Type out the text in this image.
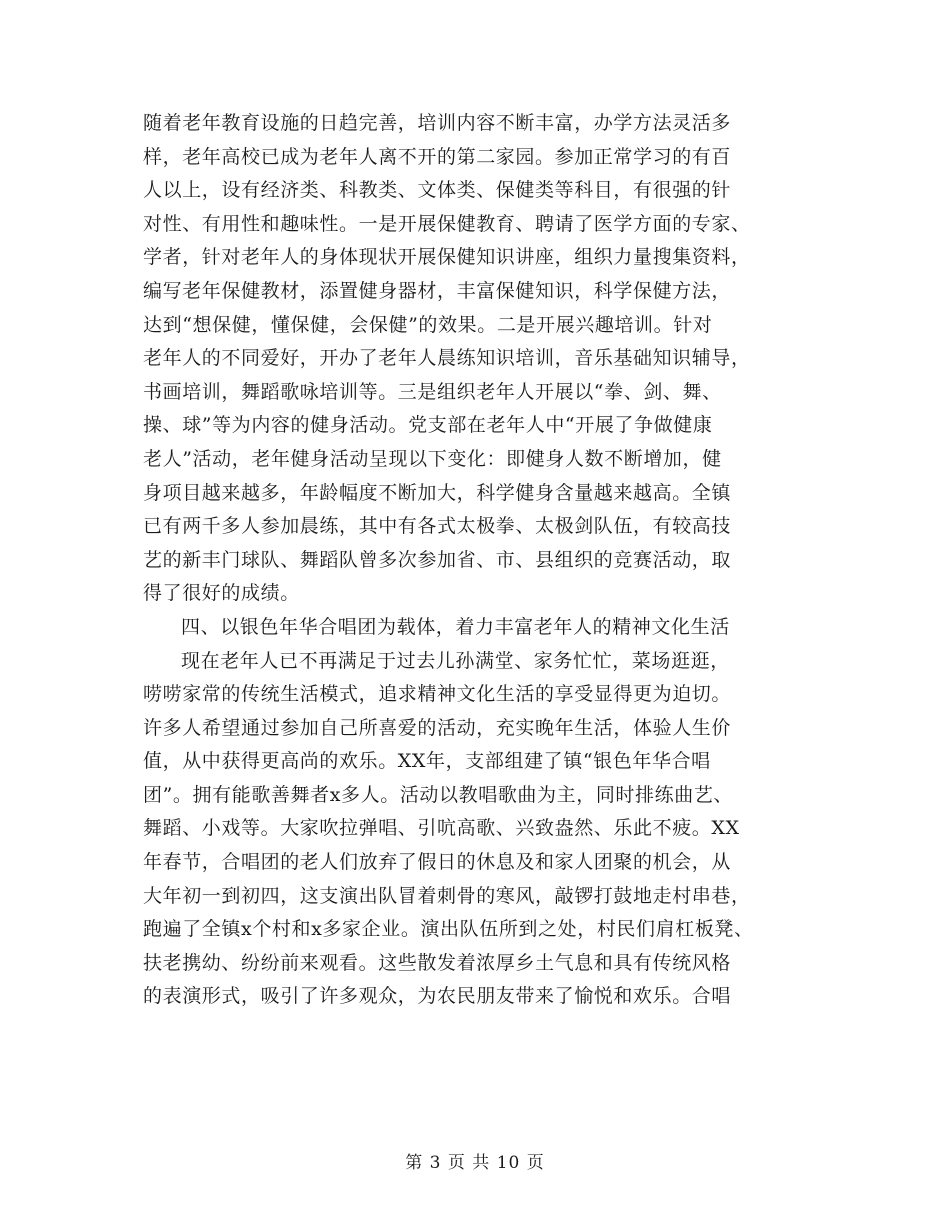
随着老年教育设施的日趋完善，培训内容不断丰富，办学方法灵活多
样，老年高校已成为老年人离不开的第二家园。参加正常学习的有百
人以上，设有经济类、科教类、文体类、保健类等科目，有很强的针
对性、有用性和趣味性。一是开展保健教育、聘请了医学方面的专家、
学者，针对老年人的身体现状开展保健知识讲座，组织力量搜集资料，
编写老年保健教材，添置健身器材，丰富保健知识，科学保健方法，
达到“想保健，懂保健，会保健”的效果。二是开展兴趣培训。针对
老年人的不同爱好，开办了老年人晨练知识培训，音乐基础知识辅导，
书画培训，舞蹈歌咏培训等。三是组织老年人开展以“拳、剑、舞、
操、球”等为内容的健身活动。党支部在老年人中“开展了争做健康
老人”活动，老年健身活动呈现以下变化：即健身人数不断增加，健
身项目越来越多，年龄幅度不断加大，科学健身含量越来越高。全镇
已有两千多人参加晨练，其中有各式太极拳、太极剑队伍，有较高技
艺的新丰门球队、舞蹈队曾多次参加省、市、县组织的竞赛活动，取
得了很好的成绩。
四、以银色年华合唱团为载体，着力丰富老年人的精神文化生活
现在老年人已不再满足于过去儿孙满堂、家务忙忙，菜场逛逛，
唠唠家常的传统生活模式，追求精神文化生活的享受显得更为迫切。
许多人希望通过参加自己所喜爱的活动，充实晚年生活，体验人生价
值，从中获得更高尚的欢乐。XX年，支部组建了镇“银色年华合唱
团”。拥有能歌善舞者x多人。活动以教唱歌曲为主，同时排练曲艺、
舞蹈、小戏等。大家吹拉弹唱、引吭高歌、兴致盎然、乐此不疲。XX
年春节，合唱团的老人们放弃了假日的休息及和家人团聚的机会，从
大年初一到初四，这支演出队冒着刺骨的寒风，敲锣打鼓地走村串巷，
跑遍了全镇x个村和x多家企业。演出队伍所到之处，村民们肩杠板凳、
扶老携幼、纷纷前来观看。这些散发着浓厚乡土气息和具有传统风格
的表演形式，吸引了许多观众，为农民朋友带来了愉悦和欢乐。合唱
第 3 页 共 10 页
